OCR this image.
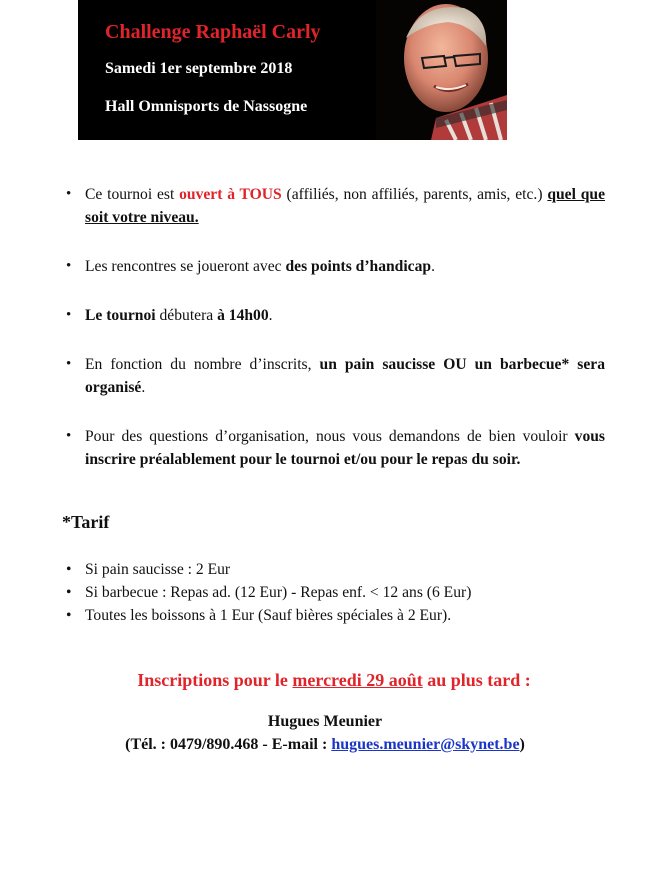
Challenge Raphaël Carly
Samedi 1er septembre 2018
Hall Omnisports de Nassogne
• Ce tournoi est ouvert à TOUS (affiliés, non affiliés, parents, amis, etc.) quel que soit votre niveau.
• Les rencontres se joueront avec des points d’handicap.
• Le tournoi débutera à 14h00.
• En fonction du nombre d’inscrits, un pain saucisse OU un barbecue* sera organisé.
• Pour des questions d’organisation, nous vous demandons de bien vouloir vous inscrire préalablement pour le tournoi et/ou pour le repas du soir.
*Tarif
• Si pain saucisse : 2 Eur
• Si barbecue : Repas ad. (12 Eur) - Repas enf. < 12 ans (6 Eur)
• Toutes les boissons à 1 Eur (Sauf bières spéciales à 2 Eur).
Inscriptions pour le mercredi 29 août au plus tard :
Hugues Meunier
(Tél. : 0479/890.468 - E-mail : hugues.meunier@skynet.be)
